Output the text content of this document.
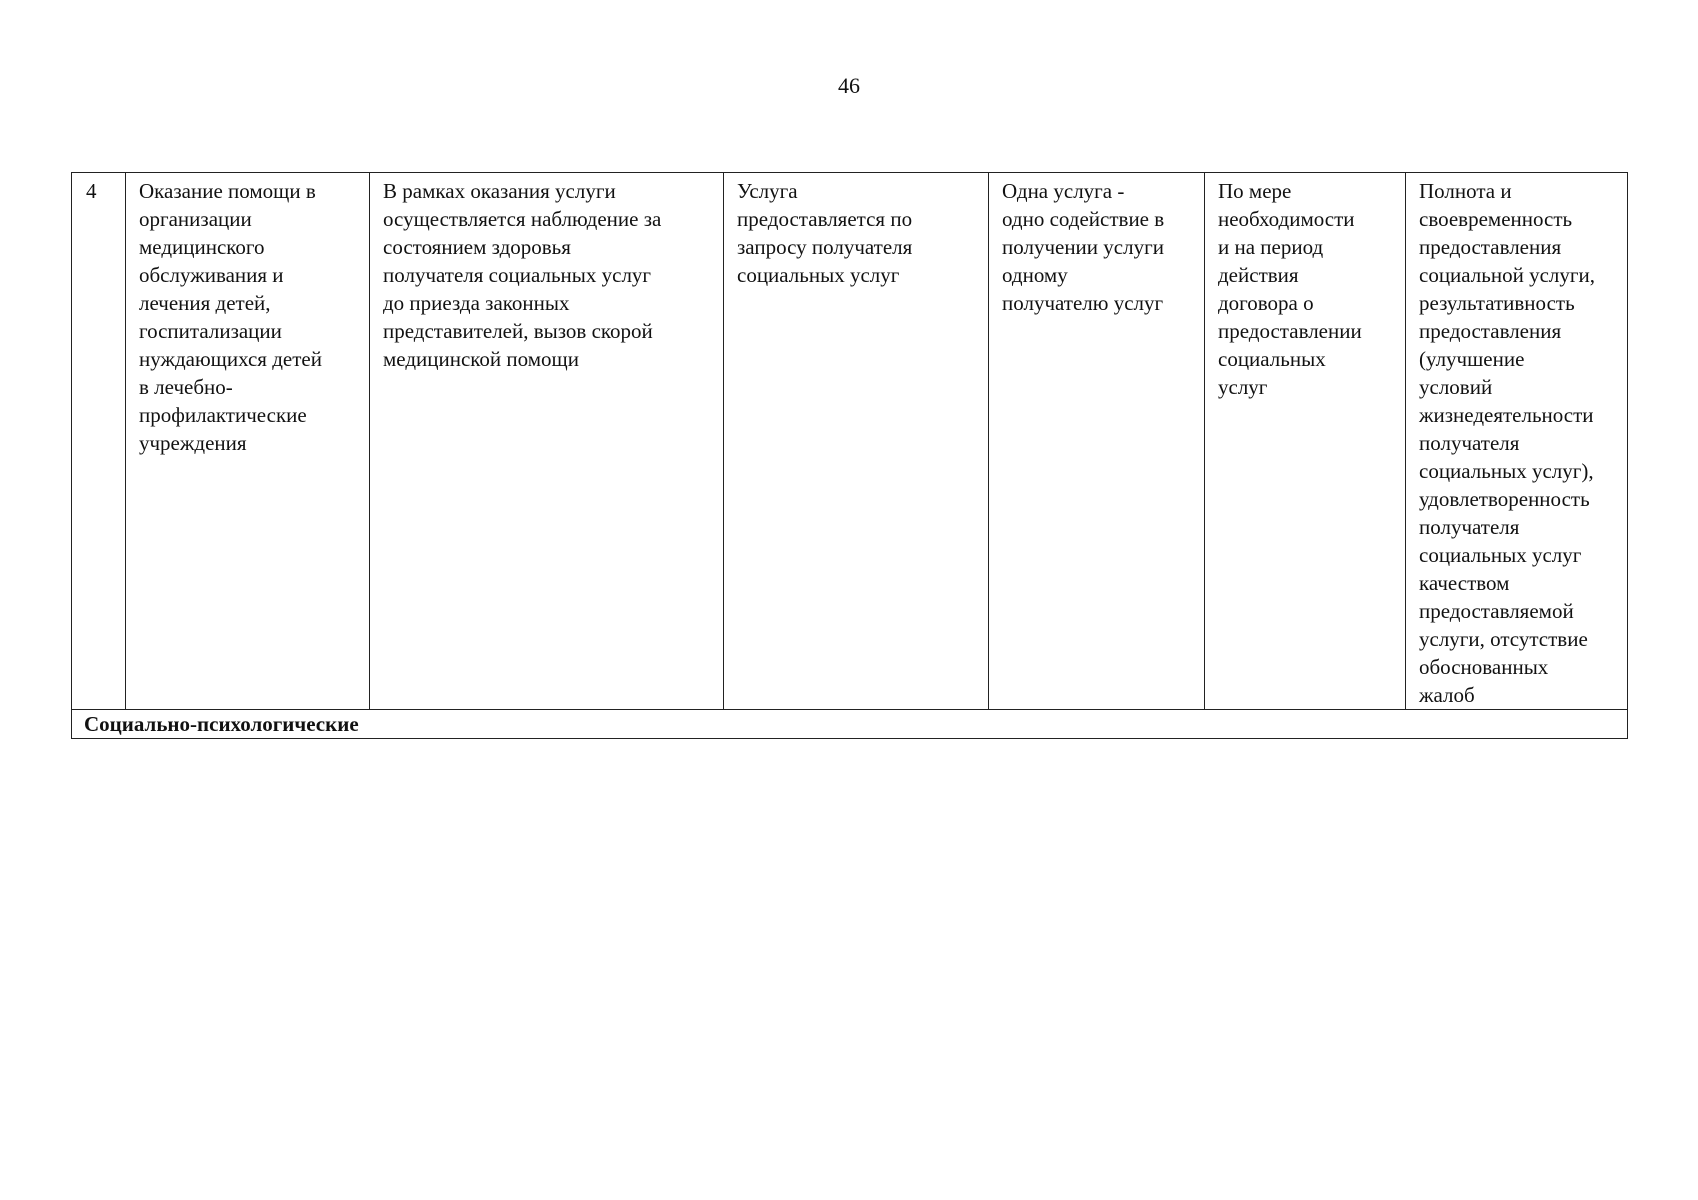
46
4	Оказание помощи в
организации
медицинского
обслуживания и
лечения детей,
госпитализации
нуждающихся детей
в лечебно-
профилактические
учреждения	В рамках оказания услуги
осуществляется наблюдение за
состоянием здоровья
получателя социальных услуг
до приезда законных
представителей, вызов скорой
медицинской помощи	Услуга
предоставляется по
запросу получателя
социальных услуг	Одна услуга -
одно содействие в
получении услуги
одному
получателю услуг	По мере
необходимости
и на период
действия
договора о
предоставлении
социальных
услуг	Полнота и
своевременность
предоставления
социальной услуги,
результативность
предоставления
(улучшение
условий
жизнедеятельности
получателя
социальных услуг),
удовлетворенность
получателя
социальных услуг
качеством
предоставляемой
услуги, отсутствие
обоснованных
жалоб
Социально-психологические
